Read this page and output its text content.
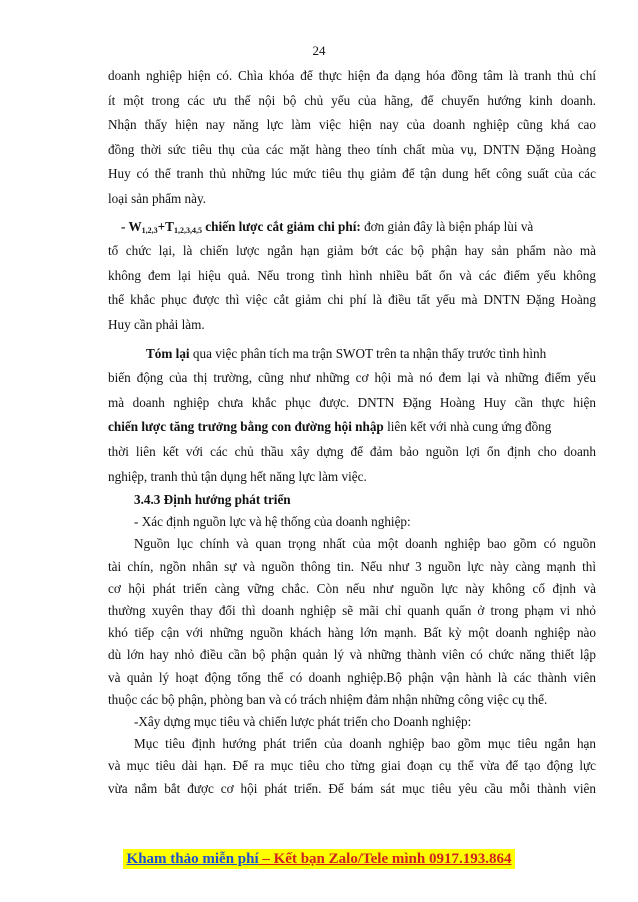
24
doanh nghiệp hiện có. Chìa khóa để thực hiện đa dạng hóa đồng tâm là tranh thủ chí
ít một trong các ưu thế nội bộ chủ yếu của hãng, để chuyển hướng kinh doanh.
Nhận thấy hiện nay năng lực làm việc hiện nay của doanh nghiệp cũng khá cao
đồng thời sức tiêu thụ của các mặt hàng theo tính chất mùa vụ, DNTN Đặng Hoàng
Huy có thể tranh thủ những lúc mức tiêu thụ giảm để tận dung hết công suất của các
loại sản phẩm này.
- $W_{1,2,3}+T_{1,2,3,4,5}$ chiến lược cắt giảm chi phí: đơn giản đây là biện pháp lùi và
tổ chức lại, là chiến lược ngắn hạn giảm bớt các bộ phận hay sản phẩm nào mà
không đem lại hiệu quả. Nếu trong tình hình nhiều bất ổn và các điểm yếu không
thể khắc phục được thì việc cắt giảm chi phí là điều tất yếu mà DNTN Đặng Hoàng
Huy cần phải làm.
Tóm lại qua việc phân tích ma trận SWOT trên ta nhận thấy trước tình hình
biến động của thị trường, cũng như những cơ hội mà nó đem lại và những điểm yếu
mà doanh nghiệp chưa khắc phục được. DNTN Đặng Hoàng Huy cần thực hiện
chiến lược tăng trưởng bằng con đường hội nhập liên kết với nhà cung ứng đồng
thời liên kết với các chủ thầu xây dựng để đảm bảo nguồn lợi ổn định cho doanh
nghiệp, tranh thủ tận dụng hết năng lực làm việc.
3.4.3 Định hướng phát triển
- Xác định nguồn lực và hệ thống của doanh nghiệp:
Nguồn lục chính và quan trọng nhất của một doanh nghiệp bao gồm có nguồn
tài chín, ngồn nhân sự và nguồn thông tin. Nếu như 3 nguồn lực này càng mạnh thì
cơ hội phát triển càng vững chắc. Còn nếu như nguồn lực này không cố định và
thường xuyên thay đổi thì doanh nghiệp sẽ mãi chỉ quanh quẩn ở trong phạm vi nhỏ
khó tiếp cận với những nguồn khách hàng lớn mạnh. Bất kỳ một doanh nghiệp nào
dù lớn hay nhỏ điều cần bộ phận quản lý và những thành viên có chức năng thiết lập
và quản lý hoạt động tổng thể có doanh nghiệp.Bộ phận vận hành là các thành viên
thuộc các bộ phận, phòng ban và có trách nhiệm đảm nhận những công việc cụ thể.
-Xây dựng mục tiêu và chiến lược phát triển cho Doanh nghiệp:
Mục tiêu định hướng phát triển của doanh nghiệp bao gồm mục tiêu ngắn hạn
và mục tiêu dài hạn. Để ra mục tiêu cho từng giai đoạn cụ thể vừa để tạo động lực
vừa nắm bắt được cơ hội phát triển. Để bám sát mục tiêu yêu cầu mỗi thành viên
Kham thảo miễn phí – Kết bạn Zalo/Tele mình 0917.193.864
